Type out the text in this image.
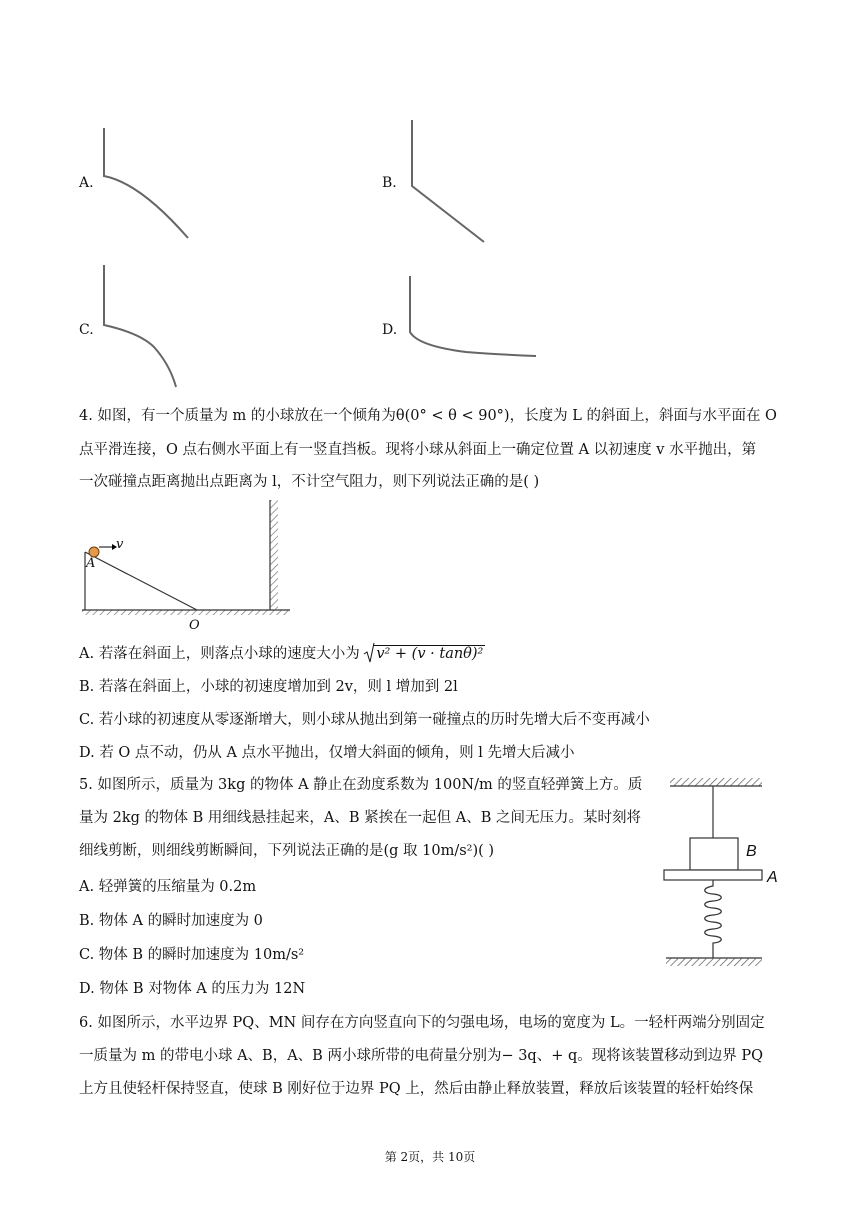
A.	B.
C.	D.
4. 如图，有一个质量为 m 的小球放在一个倾角为θ(0° < θ < 90°)，长度为 L 的斜面上，斜面与水平面在 O
点平滑连接，O 点右侧水平面上有一竖直挡板。现将小球从斜面上一确定位置 A 以初速度 v 水平抛出，第
一次碰撞点距离抛出点距离为 l，不计空气阻力，则下列说法正确的是( )
v
A
O
A. 若落在斜面上，则落点小球的速度大小为 v² + (v · tanθ)²
B. 若落在斜面上，小球的初速度增加到 2v，则 l 增加到 2l
C. 若小球的初速度从零逐渐增大，则小球从抛出到第一碰撞点的历时先增大后不变再减小
D. 若 O 点不动，仍从 A 点水平抛出，仅增大斜面的倾角，则 l 先增大后减小
5. 如图所示，质量为 3kg 的物体 A 静止在劲度系数为 100N/m 的竖直轻弹簧上方。质
量为 2kg 的物体 B 用细线悬挂起来，A、B 紧挨在一起但 A、B 之间无压力。某时刻将
细线剪断，则细线剪断瞬间，下列说法正确的是(g 取 10m/s²)( )
A. 轻弹簧的压缩量为 0.2m
B. 物体 A 的瞬时加速度为 0
C. 物体 B 的瞬时加速度为 10m/s²
D. 物体 B 对物体 A 的压力为 12N
B
A
6. 如图所示，水平边界 PQ、MN 间存在方向竖直向下的匀强电场，电场的宽度为 L。一轻杆两端分别固定
一质量为 m 的带电小球 A、B，A、B 两小球所带的电荷量分别为− 3q、+ q。现将该装置移动到边界 PQ
上方且使轻杆保持竖直，使球 B 刚好位于边界 PQ 上，然后由静止释放装置，释放后该装置的轻杆始终保
第 2页，共 10页
